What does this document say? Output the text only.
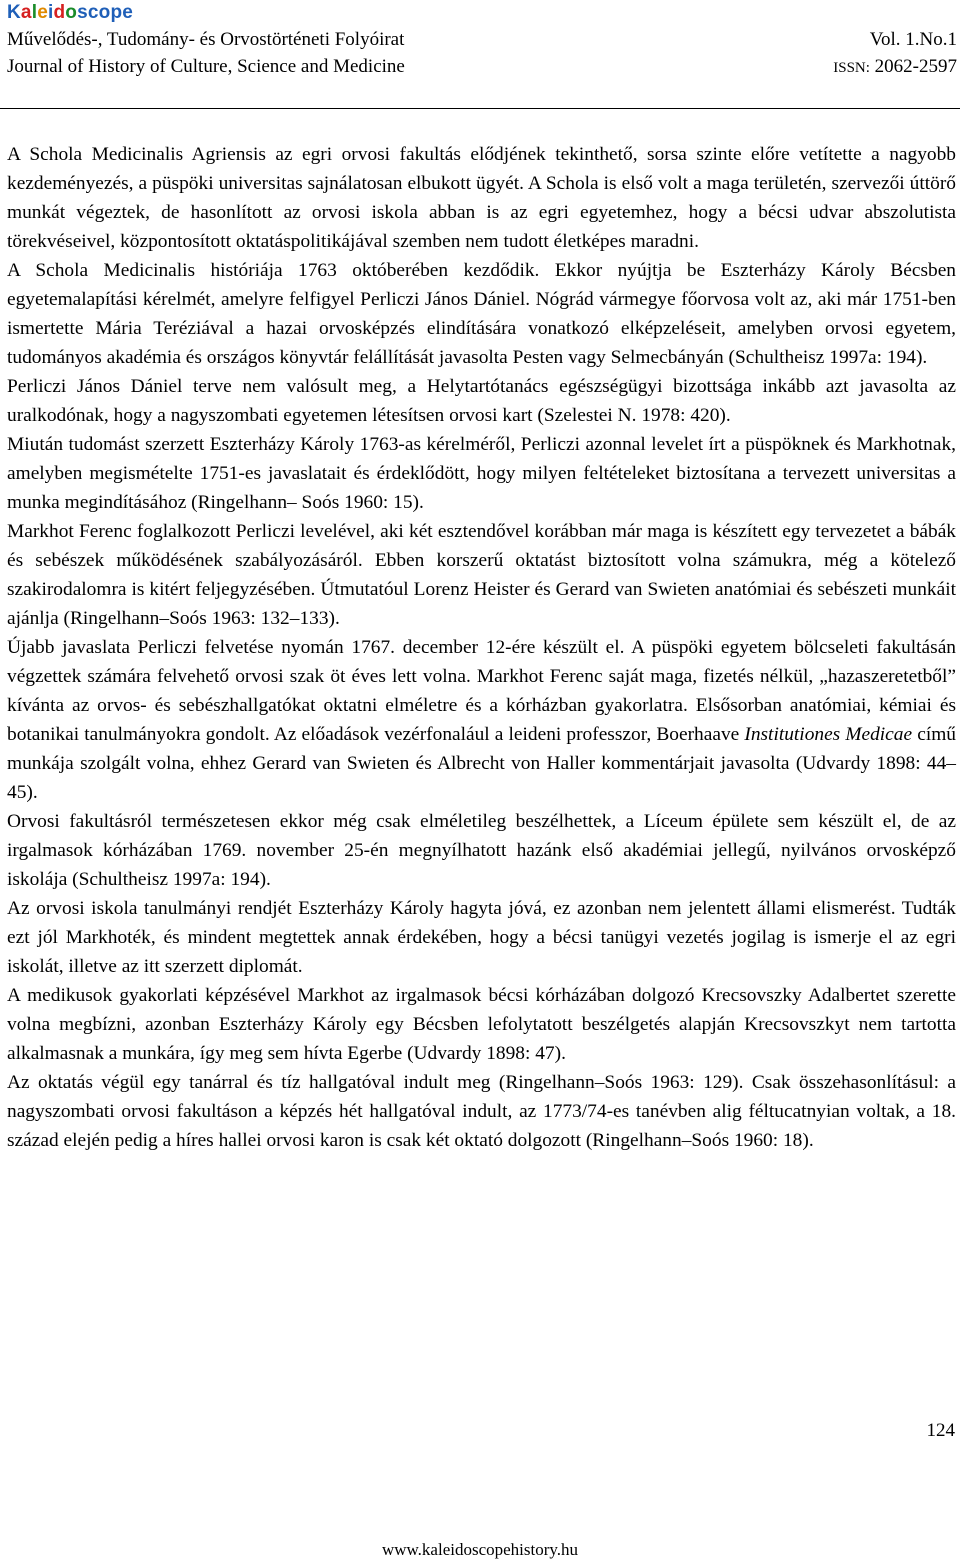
Kaleidoscope
Művelődés-, Tudomány- és Orvostörténeti Folyóirat	Vol. 1.No.1
Journal of History of Culture, Science and Medicine	ISSN: 2062-2597

A Schola Medicinalis Agriensis az egri orvosi fakultás elődjének tekinthető, sorsa szinte előre vetítette a nagyobb kezdeményezés, a püspöki universitas sajnálatosan elbukott ügyét. A Schola is első volt a maga területén, szervezői úttörő munkát végeztek, de hasonlított az orvosi iskola abban is az egri egyetemhez, hogy a bécsi udvar abszolutista törekvéseivel, központosított oktatáspolitikájával szemben nem tudott életképes maradni.

A Schola Medicinalis históriája 1763 októberében kezdődik. Ekkor nyújtja be Eszterházy Károly Bécsben egyetemalapítási kérelmét, amelyre felfigyel Perliczi János Dániel. Nógrád vármegye főorvosa volt az, aki már 1751-ben ismertette Mária Teréziával a hazai orvosképzés elindítására vonatkozó elképzeléseit, amelyben orvosi egyetem, tudományos akadémia és országos könyvtár felállítását javasolta Pesten vagy Selmecbányán (Schultheisz 1997a: 194).

Perliczi János Dániel terve nem valósult meg, a Helytartótanács egészségügyi bizottsága inkább azt javasolta az uralkodónak, hogy a nagyszombati egyetemen létesítsen orvosi kart (Szelestei N. 1978: 420).

Miután tudomást szerzett Eszterházy Károly 1763-as kérelméről, Perliczi azonnal levelet írt a püspöknek és Markhotnak, amelyben megismételte 1751-es javaslatait és érdeklődött, hogy milyen feltételeket biztosítana a tervezett universitas a munka megindításához (Ringelhann– Soós 1960: 15).

Markhot Ferenc foglalkozott Perliczi levelével, aki két esztendővel korábban már maga is készített egy tervezetet a bábák és sebészek működésének szabályozásáról. Ebben korszerű oktatást biztosított volna számukra, még a kötelező szakirodalomra is kitért feljegyzésében. Útmutatóul Lorenz Heister és Gerard van Swieten anatómiai és sebészeti munkáit ajánlja (Ringelhann–Soós 1963: 132–133).

Újabb javaslata Perliczi felvetése nyomán 1767. december 12-ére készült el. A püspöki egyetem bölcseleti fakultásán végzettek számára felvehető orvosi szak öt éves lett volna. Markhot Ferenc saját maga, fizetés nélkül, „hazaszeretetből” kívánta az orvos- és sebészhallgatókat oktatni elméletre és a kórházban gyakorlatra. Elsősorban anatómiai, kémiai és botanikai tanulmányokra gondolt. Az előadások vezérfonalául a leideni professzor, Boerhaave Institutiones Medicae című munkája szolgált volna, ehhez Gerard van Swieten és Albrecht von Haller kommentárjait javasolta (Udvardy 1898: 44–45).

Orvosi fakultásról természetesen ekkor még csak elméletileg beszélhettek, a Líceum épülete sem készült el, de az irgalmasok kórházában 1769. november 25-én megnyílhatott hazánk első akadémiai jellegű, nyilvános orvosképző iskolája (Schultheisz 1997a: 194).

Az orvosi iskola tanulmányi rendjét Eszterházy Károly hagyta jóvá, ez azonban nem jelentett állami elismerést. Tudták ezt jól Markhoték, és mindent megtettek annak érdekében, hogy a bécsi tanügyi vezetés jogilag is ismerje el az egri iskolát, illetve az itt szerzett diplomát.

A medikusok gyakorlati képzésével Markhot az irgalmasok bécsi kórházában dolgozó Krecsovszky Adalbertet szerette volna megbízni, azonban Eszterházy Károly egy Bécsben lefolytatott beszélgetés alapján Krecsovszkyt nem tartotta alkalmasnak a munkára, így meg sem hívta Egerbe (Udvardy 1898: 47).

Az oktatás végül egy tanárral és tíz hallgatóval indult meg (Ringelhann–Soós 1963: 129). Csak összehasonlításul: a nagyszombati orvosi fakultáson a képzés hét hallgatóval indult, az 1773/74-es tanévben alig féltucatnyian voltak, a 18. század elején pedig a híres hallei orvosi karon is csak két oktató dolgozott (Ringelhann–Soós 1960: 18).

124
www.kaleidoscopehistory.hu
